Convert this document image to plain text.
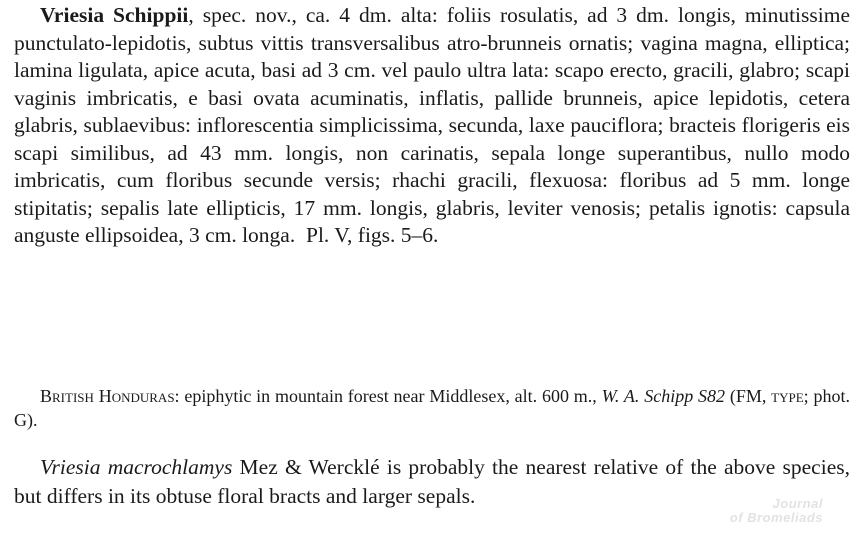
Vriesia Schippii, spec. nov., ca. 4 dm. alta: foliis rosulatis, ad 3 dm. longis, minutissime punctulato-lepidotis, subtus vittis transversalibus atro-brunneis ornatis; vagina magna, elliptica; lamina ligulata, apice acuta, basi ad 3 cm. vel paulo ultra lata: scapo erecto, gracili, glabro; scapi vaginis imbricatis, e basi ovata acuminatis, inflatis, pallide brunneis, apice lepidotis, cetera glabris, sublaevibus: inflorescentia simplicissima, secunda, laxe pauciflora; bracteis florigeris eis scapi similibus, ad 43 mm. longis, non carinatis, sepala longe superantibus, nullo modo imbricatis, cum floribus secunde versis; rhachi gracili, flexuosa: floribus ad 5 mm. longe stipitatis; sepalis late ellipticis, 17 mm. longis, glabris, leviter venosis; petalis ignotis: capsula anguste ellipsoidea, 3 cm. longa. Pl. V, figs. 5–6.

British Honduras: epiphytic in mountain forest near Middlesex, alt. 600 m., W. A. Schipp S82 (FM, type; phot. G).

Vriesia macrochlamys Mez & Wercklé is probably the nearest relative of the above species, but differs in its obtuse floral bracts and larger sepals.	Journal
of Bromeliads
